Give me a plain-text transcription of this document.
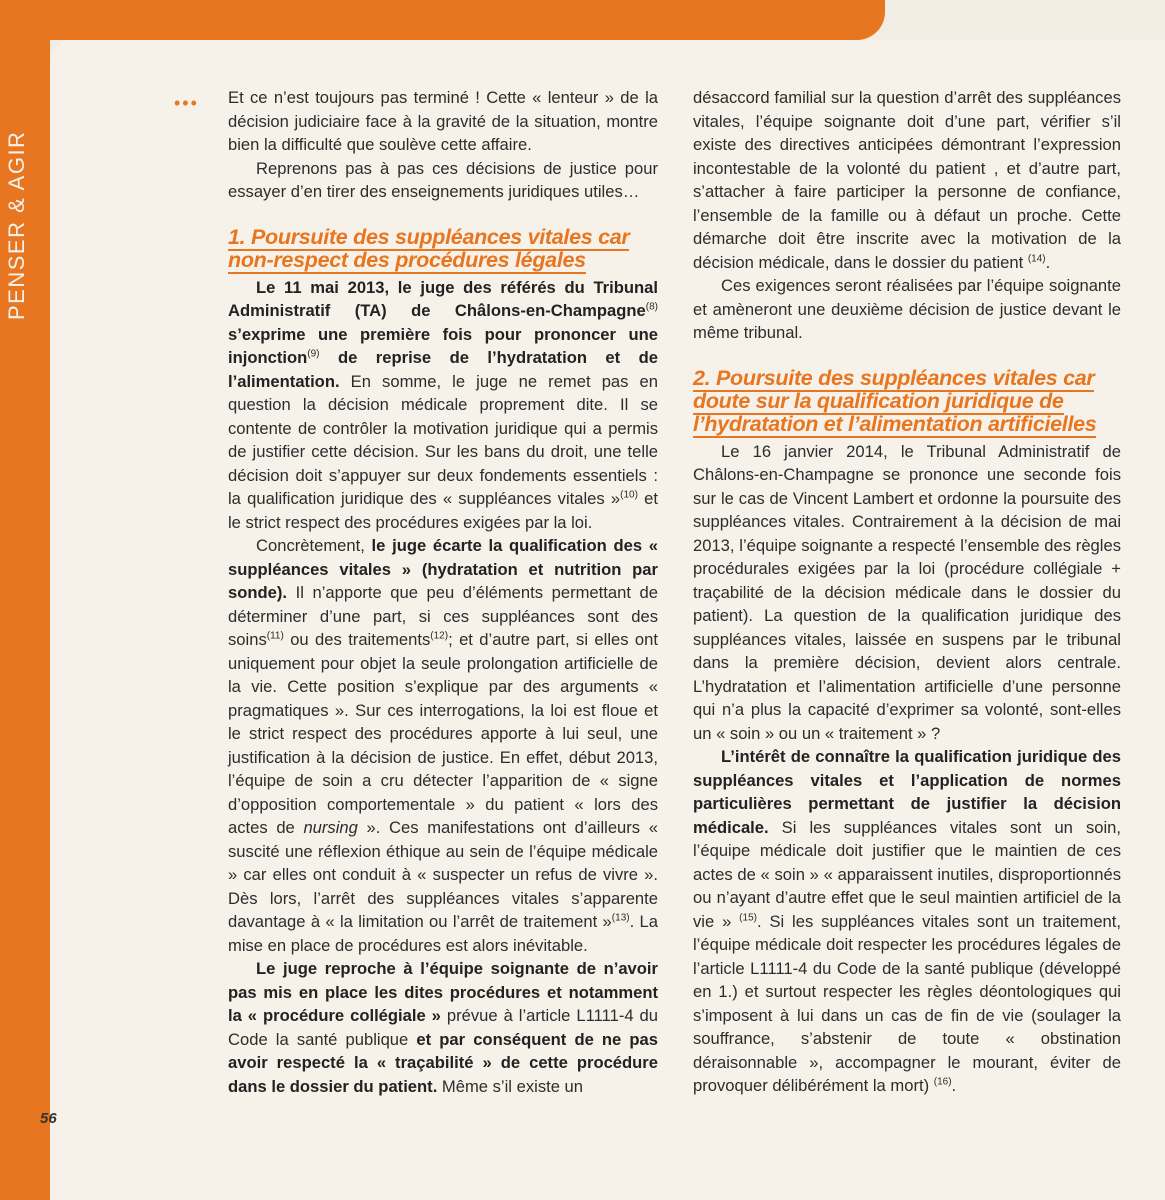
PENSER & AGIR
56
••• Et ce n’est toujours pas terminé ! Cette « lenteur » de la décision judiciaire face à la gravité de la situation, montre bien la difficulté que soulève cette affaire.

Reprenons pas à pas ces décisions de justice pour essayer d’en tirer des enseignements juridiques utiles…

1. Poursuite des suppléances vitales car non-respect des procédures légales

Le 11 mai 2013, le juge des référés du Tribunal Administratif (TA) de Châlons-en-Champagne$^{(8)}$ s’exprime une première fois pour prononcer une injonction$^{(9)}$ de reprise de l’hydratation et de l’alimentation. En somme, le juge ne remet pas en question la décision médicale proprement dite. Il se contente de contrôler la motivation juridique qui a permis de justifier cette décision. Sur les bans du droit, une telle décision doit s’appuyer sur deux fondements essentiels : la qualification juridique des « suppléances vitales »$^{(10)}$ et le strict respect des procédures exigées par la loi.

Concrètement, le juge écarte la qualification des « suppléances vitales » (hydratation et nutrition par sonde). Il n’apporte que peu d’éléments permettant de déterminer d’une part, si ces suppléances sont des soins$^{(11)}$ ou des traitements$^{(12)}$; et d’autre part, si elles ont uniquement pour objet la seule prolongation artificielle de la vie. Cette position s’explique par des arguments « pragmatiques ». Sur ces interrogations, la loi est floue et le strict respect des procédures apporte à lui seul, une justification à la décision de justice. En effet, début 2013, l’équipe de soin a cru détecter l’apparition de « signe d’opposition comportementale » du patient « lors des actes de nursing ». Ces manifestations ont d’ailleurs « suscité une réflexion éthique au sein de l’équipe médicale » car elles ont conduit à « suspecter un refus de vivre ». Dès lors, l’arrêt des suppléances vitales s’apparente davantage à « la limitation ou l’arrêt de traitement »$^{(13)}$. La mise en place de procédures est alors inévitable.

Le juge reproche à l’équipe soignante de n’avoir pas mis en place les dites procédures et notamment la « procédure collégiale » prévue à l’article L1111-4 du Code la santé publique et par conséquent de ne pas avoir respecté la « traçabilité » de cette procédure dans le dossier du patient. Même s’il existe un

désaccord familial sur la question d’arrêt des suppléances vitales, l’équipe soignante doit d’une part, vérifier s’il existe des directives anticipées démontrant l’expression incontestable de la volonté du patient , et d’autre part, s’attacher à faire participer la personne de confiance, l’ensemble de la famille ou à défaut un proche. Cette démarche doit être inscrite avec la motivation de la décision médicale, dans le dossier du patient $^{(14)}$.

Ces exigences seront réalisées par l’équipe soignante et amèneront une deuxième décision de justice devant le même tribunal.

2. Poursuite des suppléances vitales car doute sur la qualification juridique de l’hydratation et l’alimentation artificielles

Le 16 janvier 2014, le Tribunal Administratif de Châlons-en-Champagne se prononce une seconde fois sur le cas de Vincent Lambert et ordonne la poursuite des suppléances vitales. Contrairement à la décision de mai 2013, l’équipe soignante a respecté l’ensemble des règles procédurales exigées par la loi (procédure collégiale + traçabilité de la décision médicale dans le dossier du patient). La question de la qualification juridique des suppléances vitales, laissée en suspens par le tribunal dans la première décision, devient alors centrale. L’hydratation et l’alimentation artificielle d’une personne qui n’a plus la capacité d’exprimer sa volonté, sont-elles un « soin » ou un « traitement » ?

L’intérêt de connaître la qualification juridique des suppléances vitales et l’application de normes particulières permettant de justifier la décision médicale. Si les suppléances vitales sont un soin, l’équipe médicale doit justifier que le maintien de ces actes de « soin » « apparaissent inutiles, disproportionnés ou n’ayant d’autre effet que le seul maintien artificiel de la vie » $^{(15)}$. Si les suppléances vitales sont un traitement, l’équipe médicale doit respecter les procédures légales de l’article L1111-4 du Code de la santé publique (développé en 1.) et surtout respecter les règles déontologiques qui s’imposent à lui dans un cas de fin de vie (soulager la souffrance, s’abstenir de toute « obstination déraisonnable », accompagner le mourant, éviter de provoquer délibérément la mort) $^{(16)}$.
